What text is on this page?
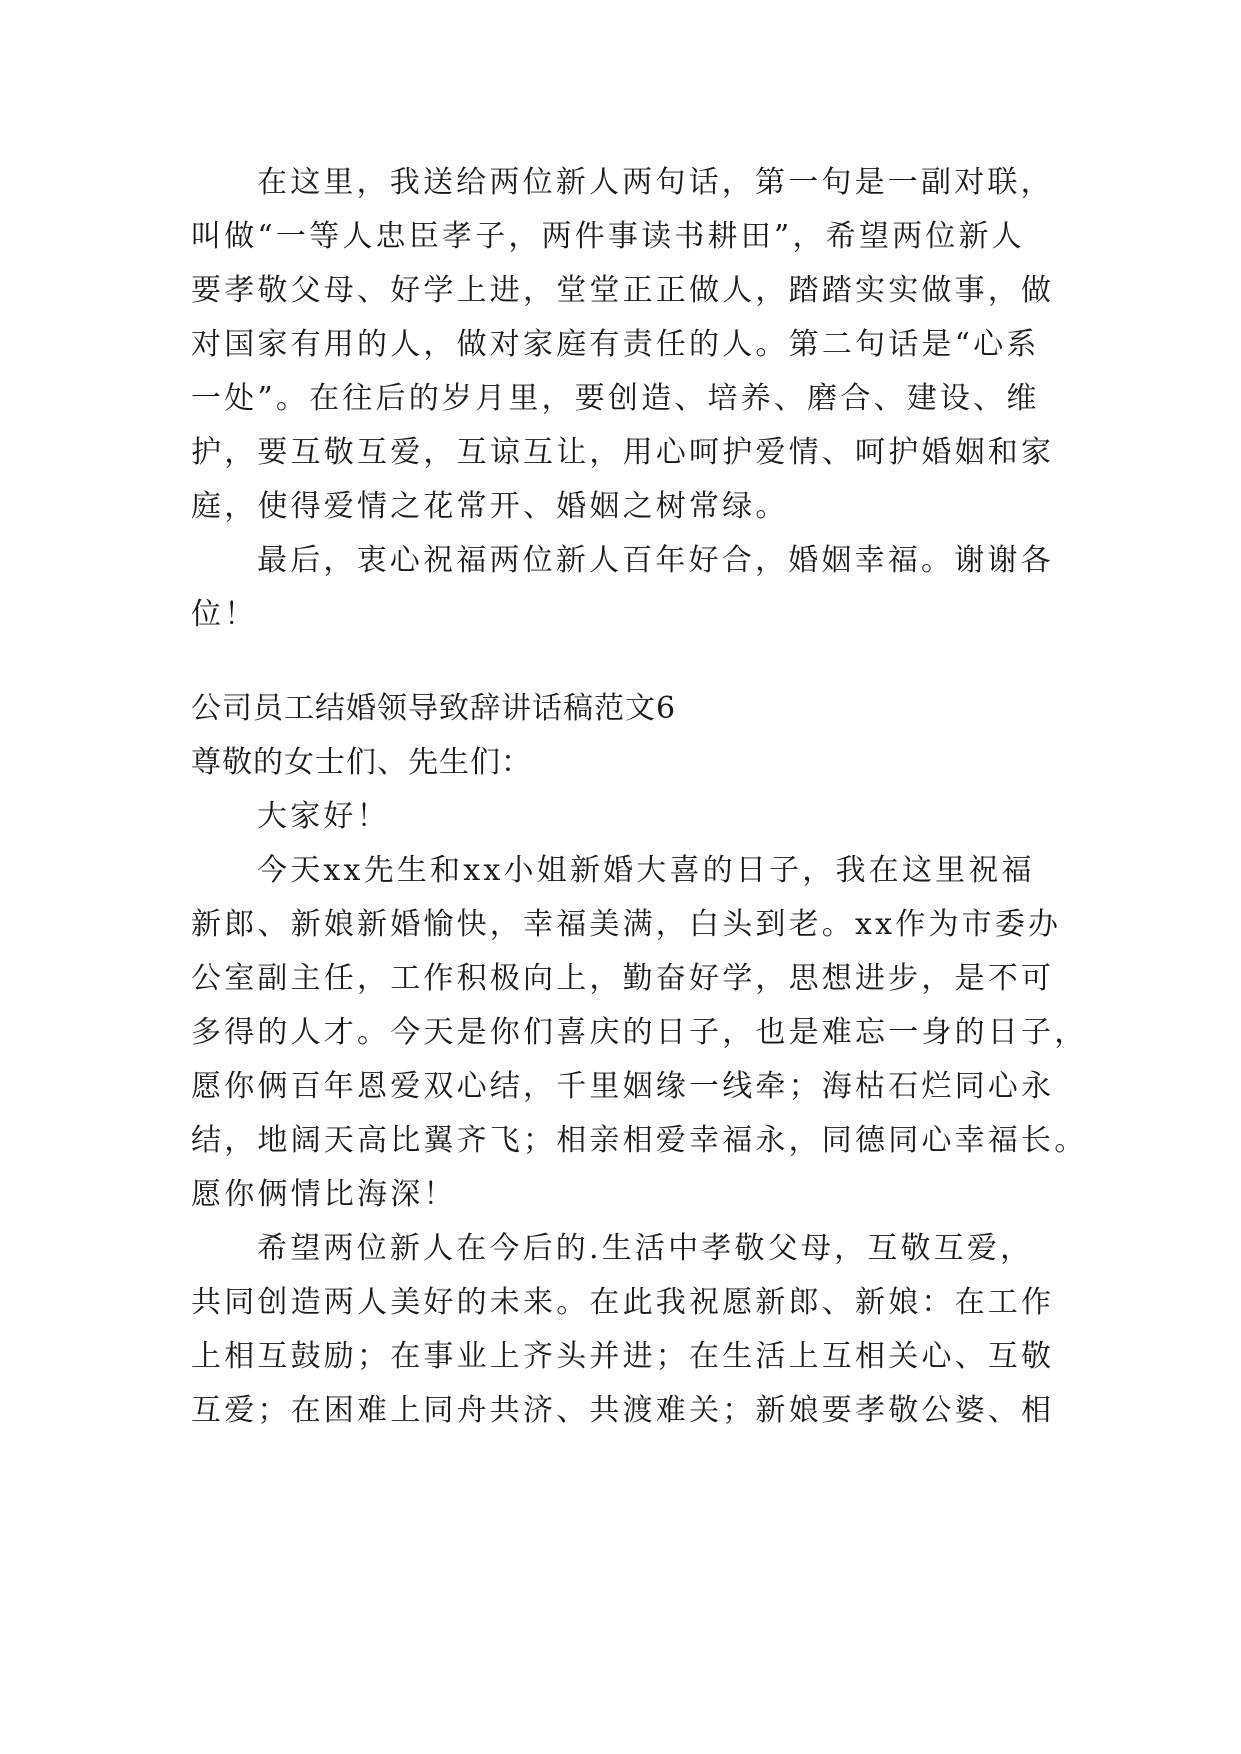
在这里，我送给两位新人两句话，第一句是一副对联，
叫做“一等人忠臣孝子，两件事读书耕田”，希望两位新人
要孝敬父母、好学上进，堂堂正正做人，踏踏实实做事，做
对国家有用的人，做对家庭有责任的人。第二句话是“心系
一处”。在往后的岁月里，要创造、培养、磨合、建设、维
护，要互敬互爱，互谅互让，用心呵护爱情、呵护婚姻和家
庭，使得爱情之花常开、婚姻之树常绿。
最后，衷心祝福两位新人百年好合，婚姻幸福。谢谢各
位！
公司员工结婚领导致辞讲话稿范文6
尊敬的女士们、先生们：
大家好！
今天xx先生和xx小姐新婚大喜的日子，我在这里祝福
新郎、新娘新婚愉快，幸福美满，白头到老。xx作为市委办
公室副主任，工作积极向上，勤奋好学，思想进步，是不可
多得的人才。今天是你们喜庆的日子，也是难忘一身的日子，
愿你俩百年恩爱双心结，千里姻缘一线牵；海枯石烂同心永
结，地阔天高比翼齐飞；相亲相爱幸福永，同德同心幸福长。
愿你俩情比海深！
希望两位新人在今后的.生活中孝敬父母，互敬互爱，
共同创造两人美好的未来。在此我祝愿新郎、新娘：在工作
上相互鼓励；在事业上齐头并进；在生活上互相关心、互敬
互爱；在困难上同舟共济、共渡难关；新娘要孝敬公婆、相
